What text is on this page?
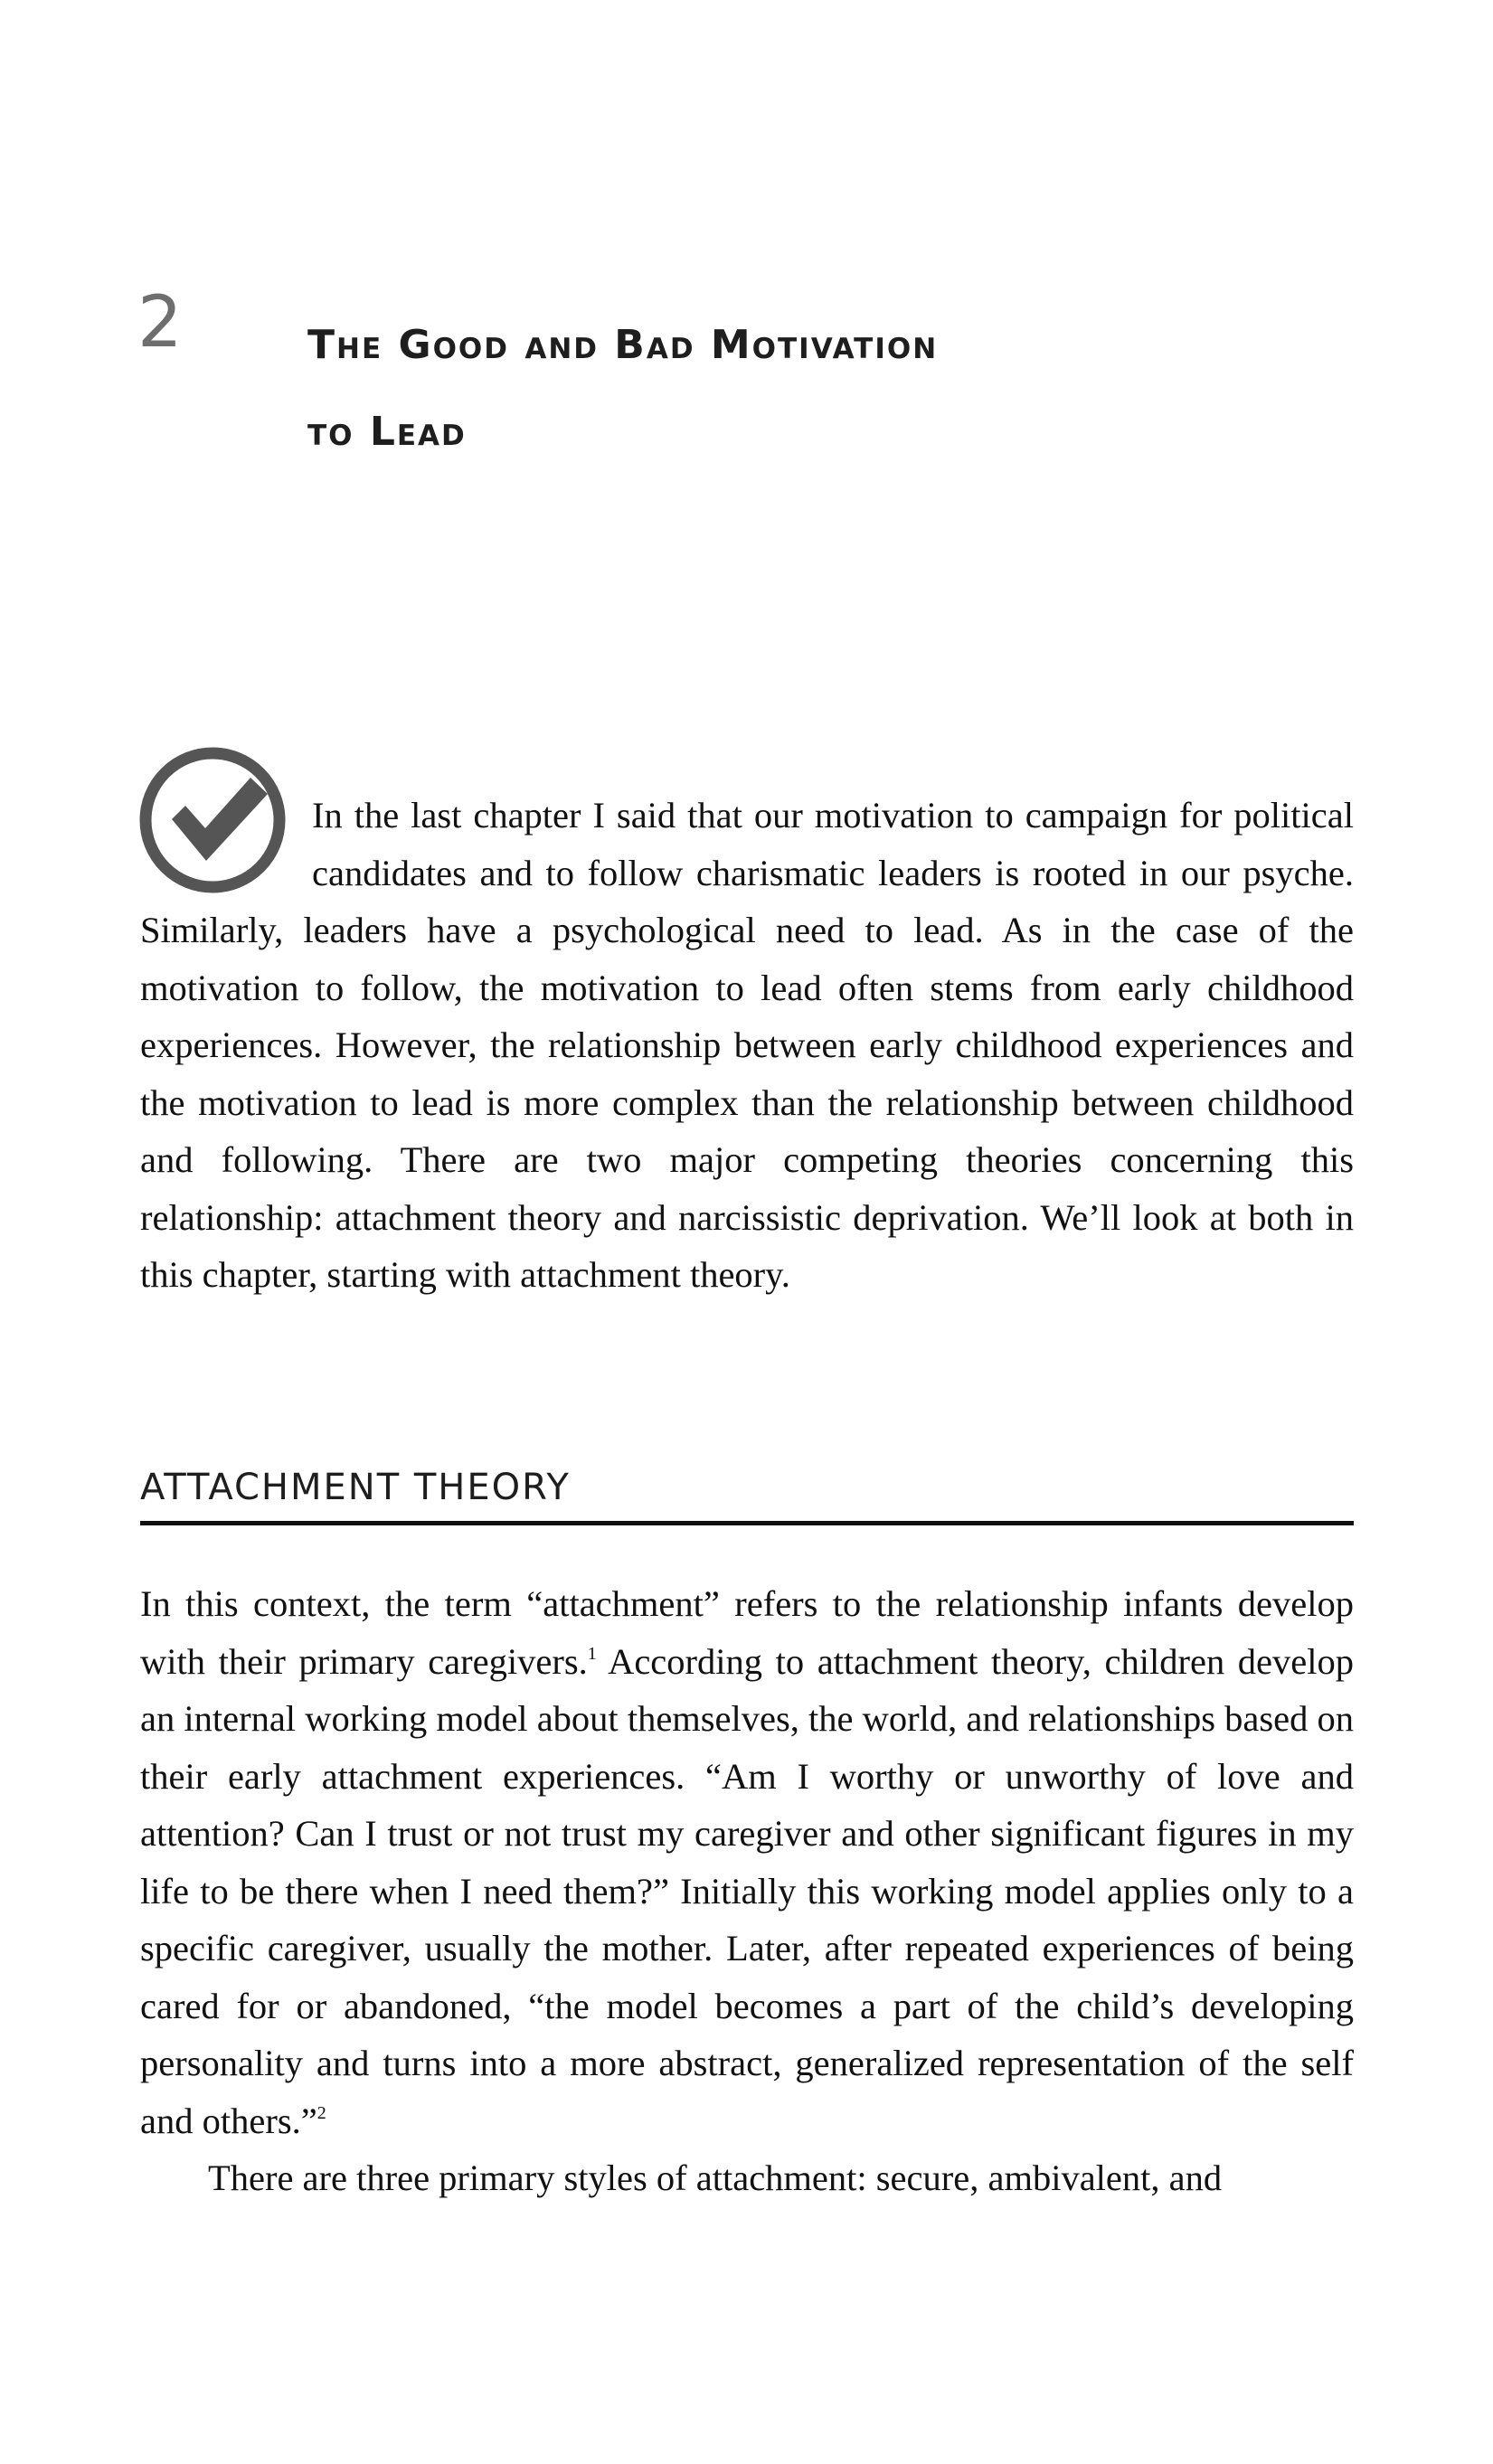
2	The Good and Bad Motivation
to Lead

In the last chapter I said that our motivation to campaign for political candidates and to follow charismatic leaders is rooted in our psyche. Similarly, leaders have a psychological need to lead. As in the case of the motivation to follow, the motivation to lead often stems from early childhood experiences. However, the relationship between early childhood experiences and the motivation to lead is more complex than the relationship between childhood and following. There are two major competing theories concerning this relationship: attachment theory and narcissistic deprivation. We’ll look at both in this chapter, starting with attachment theory.

ATTACHMENT THEORY

In this context, the term “attachment” refers to the relationship infants develop with their primary caregivers.$^1$ According to attachment theory, children develop an internal working model about themselves, the world, and relationships based on their early attachment experiences. “Am I worthy or unworthy of love and attention? Can I trust or not trust my caregiver and other significant figures in my life to be there when I need them?” Initially this working model applies only to a specific caregiver, usually the mother. Later, after repeated experiences of being cared for or abandoned, “the model becomes a part of the child’s developing personality and turns into a more abstract, generalized representation of the self and others.”$^2$

There are three primary styles of attachment: secure, ambivalent, and
